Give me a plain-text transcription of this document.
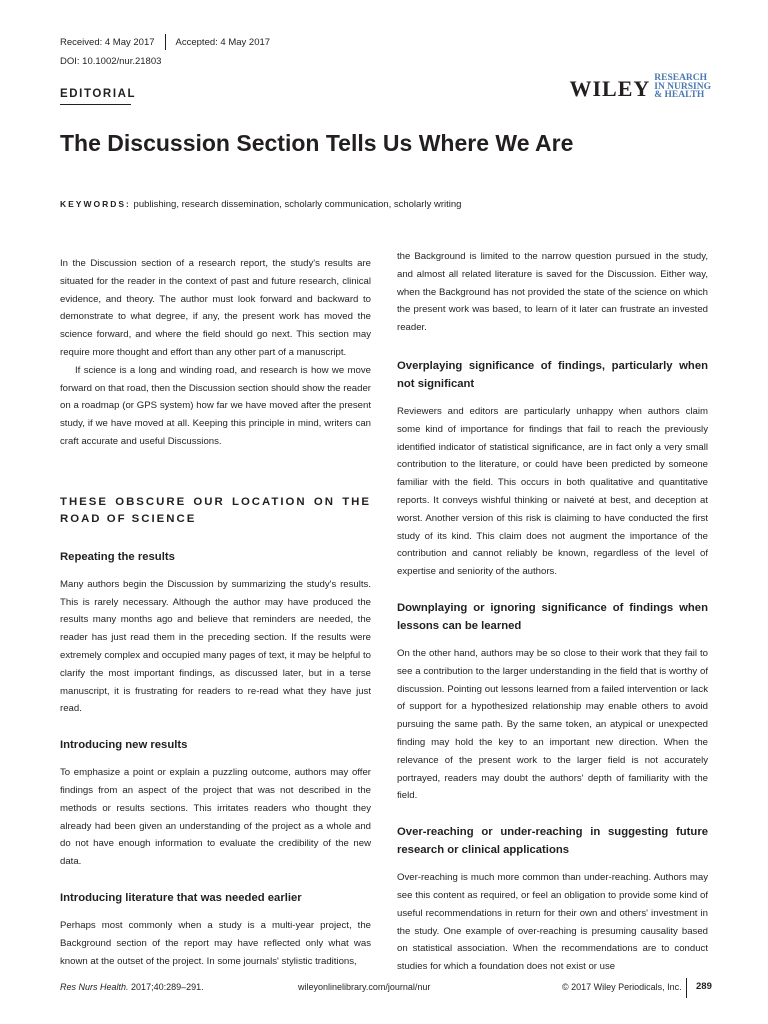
Received: 4 May 2017 Accepted: 4 May 2017
DOI: 10.1002/nur.21803
EDITORIAL	WILEY RESEARCH
IN NURSING
& HEALTH
The Discussion Section Tells Us Where We Are
KEYWORDS: publishing, research dissemination, scholarly communication, scholarly writing

In the Discussion section of a research report, the study's results are situated for the reader in the context of past and future research, clinical evidence, and theory. The author must look forward and backward to demonstrate to what degree, if any, the present work has moved the science forward, and where the field should go next. This section may require more thought and effort than any other part of a manuscript.

If science is a long and winding road, and research is how we move forward on that road, then the Discussion section should show the reader on a roadmap (or GPS system) how far we have moved after the present study, if we have moved at all. Keeping this principle in mind, writers can craft accurate and useful Discussions.

THESE OBSCURE OUR LOCATION ON THE ROAD OF SCIENCE

Repeating the results

Many authors begin the Discussion by summarizing the study's results. This is rarely necessary. Although the author may have produced the results many months ago and believe that reminders are needed, the reader has just read them in the preceding section. If the results were extremely complex and occupied many pages of text, it may be helpful to clarify the most important findings, as discussed later, but in a terse manuscript, it is frustrating for readers to re-read what they have just read.

Introducing new results

To emphasize a point or explain a puzzling outcome, authors may offer findings from an aspect of the project that was not described in the methods or results sections. This irritates readers who thought they already had been given an understanding of the project as a whole and do not have enough information to evaluate the credibility of the new data.

Introducing literature that was needed earlier

Perhaps most commonly when a study is a multi-year project, the Background section of the report may have reflected only what was known at the outset of the project. In some journals' stylistic traditions,

the Background is limited to the narrow question pursued in the study, and almost all related literature is saved for the Discussion. Either way, when the Background has not provided the state of the science on which the present work was based, to learn of it later can frustrate an invested reader.

Overplaying significance of findings, particularly when not significant

Reviewers and editors are particularly unhappy when authors claim some kind of importance for findings that fail to reach the previously identified indicator of statistical significance, are in fact only a very small contribution to the literature, or could have been predicted by someone familiar with the field. This occurs in both qualitative and quantitative reports. It conveys wishful thinking or naiveté at best, and deception at worst. Another version of this risk is claiming to have conducted the first study of its kind. This claim does not augment the importance of the contribution and cannot reliably be known, regardless of the level of expertise and seniority of the authors.

Downplaying or ignoring significance of findings when lessons can be learned

On the other hand, authors may be so close to their work that they fail to see a contribution to the larger understanding in the field that is worthy of discussion. Pointing out lessons learned from a failed intervention or lack of support for a hypothesized relationship may enable others to avoid pursuing the same path. By the same token, an atypical or unexpected finding may hold the key to an important new direction. When the relevance of the present work to the larger field is not accurately portrayed, readers may doubt the authors' depth of familiarity with the field.

Over-reaching or under-reaching in suggesting future research or clinical applications

Over-reaching is much more common than under-reaching. Authors may see this content as required, or feel an obligation to provide some kind of useful recommendations in return for their own and others' investment in the study. One example of over-reaching is presuming causality based on statistical association. When the recommendations are to conduct studies for which a foundation does not exist or use

Res Nurs Health. 2017;40:289–291.	wileyonlinelibrary.com/journal/nur	© 2017 Wiley Periodicals, Inc. 289
